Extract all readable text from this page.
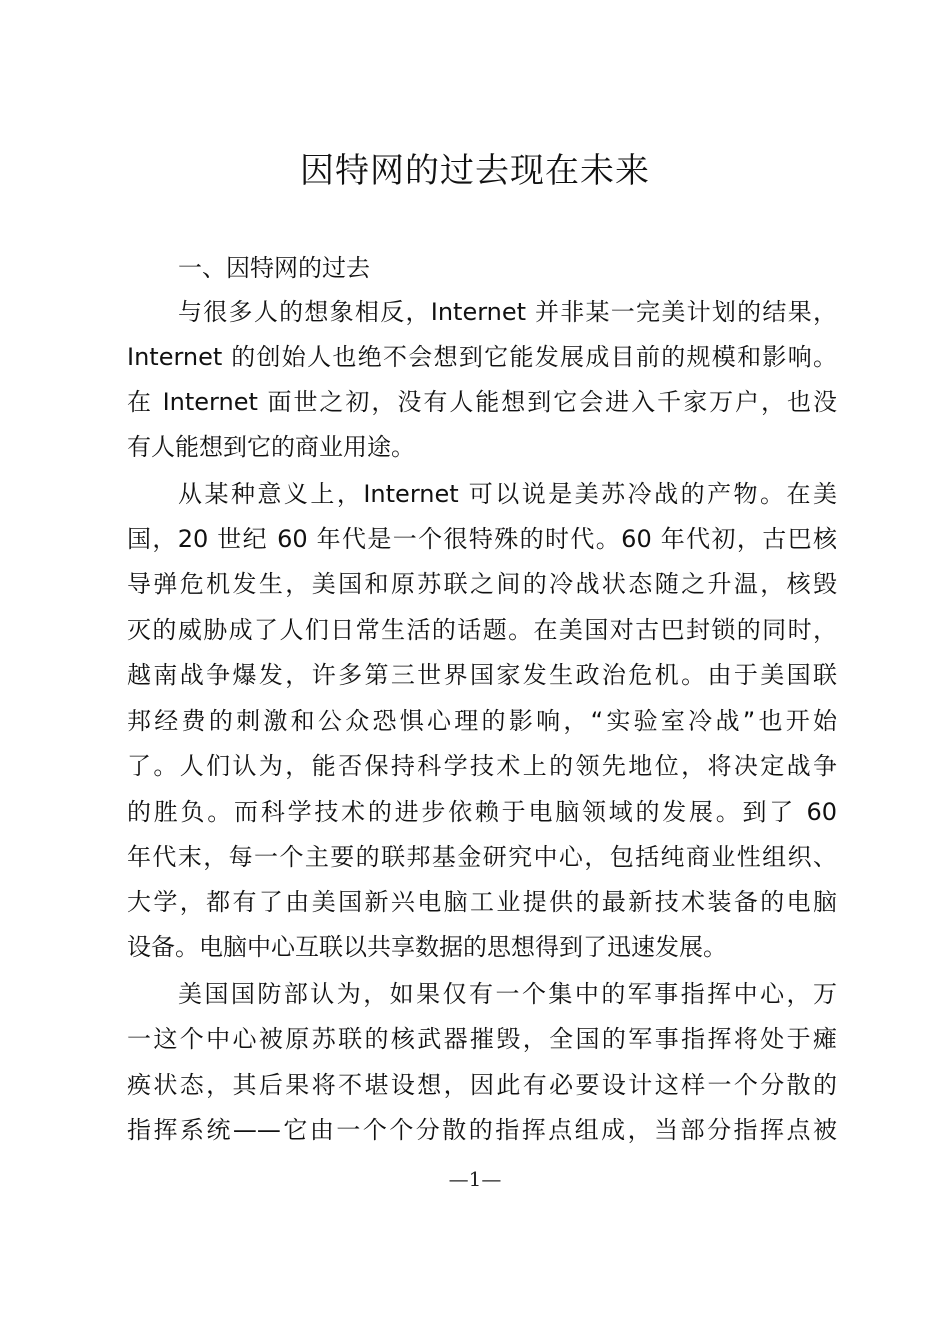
因特网的过去现在未来
一、因特网的过去
与很多人的想象相反，Internet 并非某一完美计划的结果，
Internet 的创始人也绝不会想到它能发展成目前的规模和影响。
在 Internet 面世之初，没有人能想到它会进入千家万户，也没
有人能想到它的商业用途。
从某种意义上，Internet 可以说是美苏冷战的产物。在美
国，20 世纪 60 年代是一个很特殊的时代。60 年代初，古巴核
导弹危机发生，美国和原苏联之间的冷战状态随之升温，核毁
灭的威胁成了人们日常生活的话题。在美国对古巴封锁的同时，
越南战争爆发，许多第三世界国家发生政治危机。由于美国联
邦经费的刺激和公众恐惧心理的影响，“实验室冷战”也开始
了。人们认为，能否保持科学技术上的领先地位，将决定战争
的胜负。而科学技术的进步依赖于电脑领域的发展。到了 60
年代末，每一个主要的联邦基金研究中心，包括纯商业性组织、
大学，都有了由美国新兴电脑工业提供的最新技术装备的电脑
设备。电脑中心互联以共享数据的思想得到了迅速发展。
美国国防部认为，如果仅有一个集中的军事指挥中心，万
一这个中心被原苏联的核武器摧毁，全国的军事指挥将处于瘫
痪状态，其后果将不堪设想，因此有必要设计这样一个分散的
指挥系统——它由一个个分散的指挥点组成，当部分指挥点被
—1—
